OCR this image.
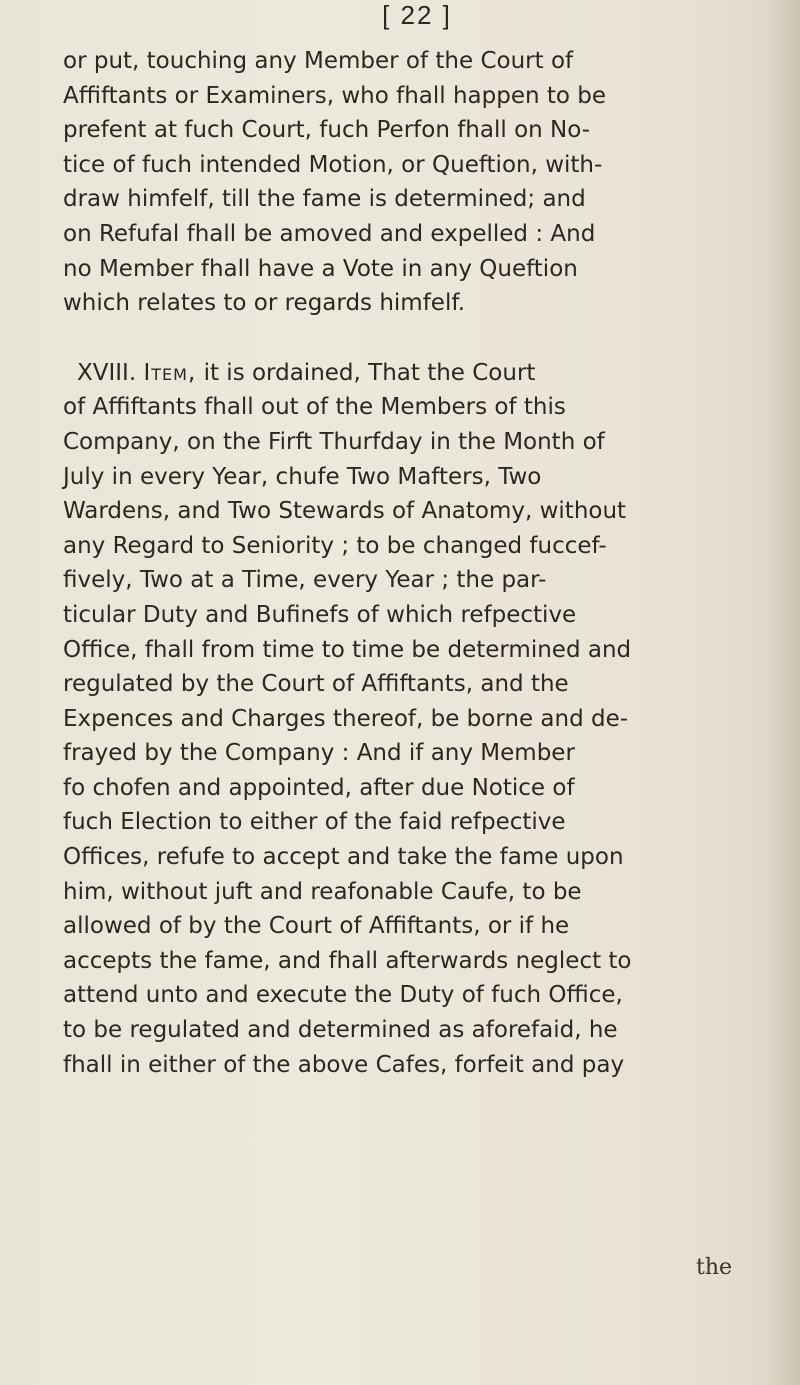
[ 22 ]
or put, touching any Member of the Court of
Affiftants or Examiners, who fhall happen to be
prefent at fuch Court, fuch Perfon fhall on No-
tice of fuch intended Motion, or Queftion, with-
draw himfelf, till the fame is determined; and
on Refufal fhall be amoved and expelled : And
no Member fhall have a Vote in any Queftion
which relates to or regards himfelf.
XVIII. Item, it is ordained, That the Court
of Affiftants fhall out of the Members of this
Company, on the Firft Thurfday in the Month of
July in every Year, chufe Two Mafters, Two
Wardens, and Two Stewards of Anatomy, without
any Regard to Seniority ; to be changed fuccef-
fively, Two at a Time, every Year ; the par-
ticular Duty and Bufinefs of which refpective
Office, fhall from time to time be determined and
regulated by the Court of Affiftants, and the
Expences and Charges thereof, be borne and de-
frayed by the Company : And if any Member
fo chofen and appointed, after due Notice of
fuch Election to either of the faid refpective
Offices, refufe to accept and take the fame upon
him, without juft and reafonable Caufe, to be
allowed of by the Court of Affiftants, or if he
accepts the fame, and fhall afterwards neglect to
attend unto and execute the Duty of fuch Office,
to be regulated and determined as aforefaid, he
fhall in either of the above Cafes, forfeit and pay
the
